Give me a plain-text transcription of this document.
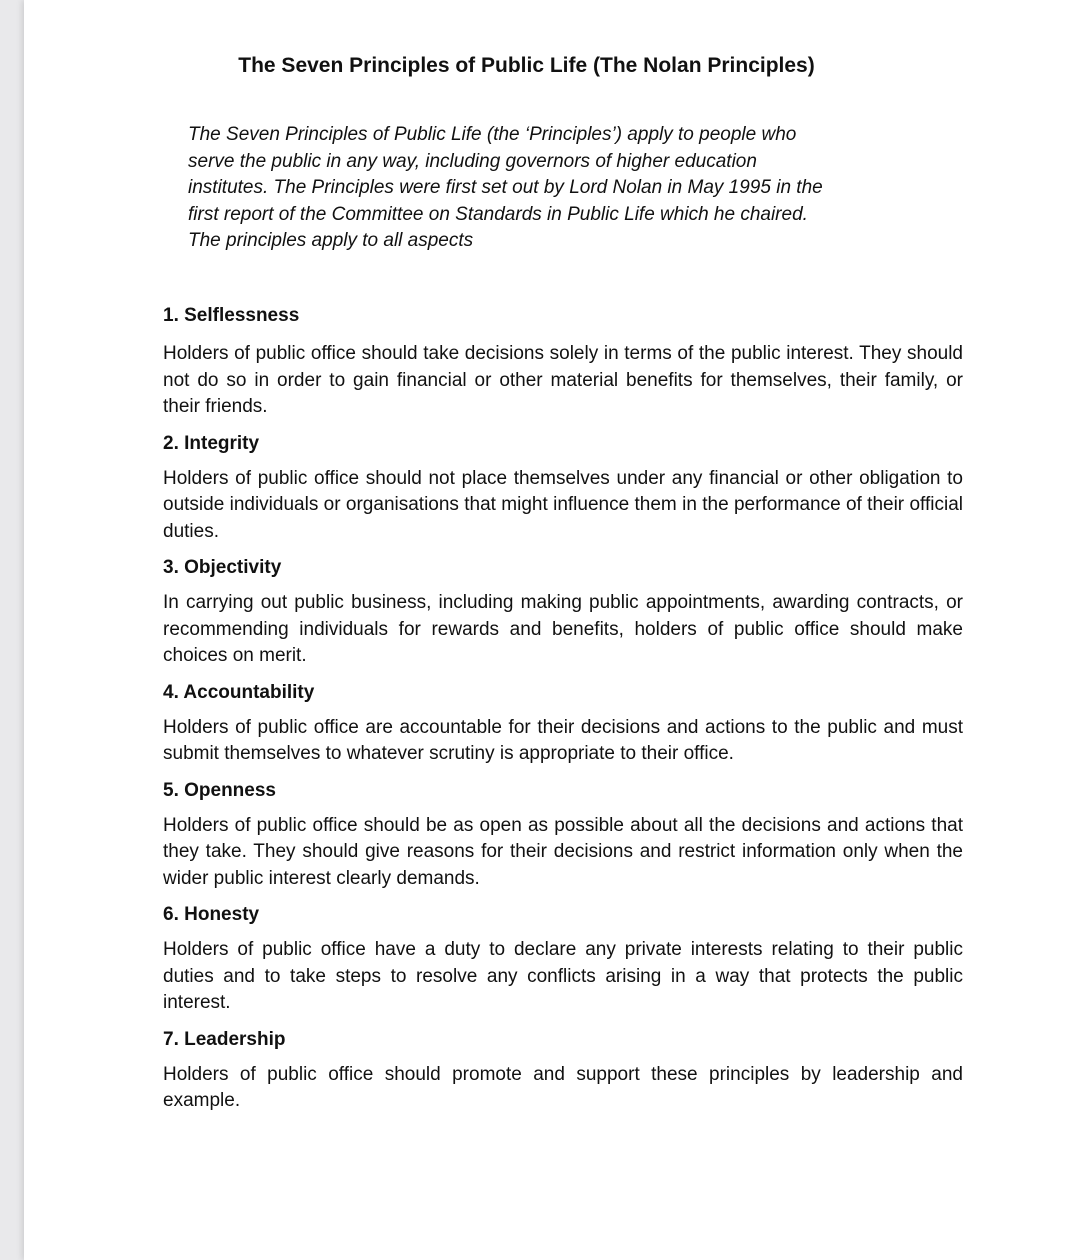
The Seven Principles of Public Life (The Nolan Principles)

The Seven Principles of Public Life (the ‘Principles’) apply to people who serve the public in any way, including governors of higher education institutes. The Principles were first set out by Lord Nolan in May 1995 in the first report of the Committee on Standards in Public Life which he chaired. The principles apply to all aspects

1. Selflessness

Holders of public office should take decisions solely in terms of the public interest. They should not do so in order to gain financial or other material benefits for themselves, their family, or their friends.

2. Integrity

Holders of public office should not place themselves under any financial or other obligation to outside individuals or organisations that might influence them in the performance of their official duties.

3. Objectivity

In carrying out public business, including making public appointments, awarding contracts, or recommending individuals for rewards and benefits, holders of public office should make choices on merit.

4. Accountability

Holders of public office are accountable for their decisions and actions to the public and must submit themselves to whatever scrutiny is appropriate to their office.

5. Openness

Holders of public office should be as open as possible about all the decisions and actions that they take. They should give reasons for their decisions and restrict information only when the wider public interest clearly demands.

6. Honesty

Holders of public office have a duty to declare any private interests relating to their public duties and to take steps to resolve any conflicts arising in a way that protects the public interest.

7. Leadership

Holders of public office should promote and support these principles by leadership and example.
